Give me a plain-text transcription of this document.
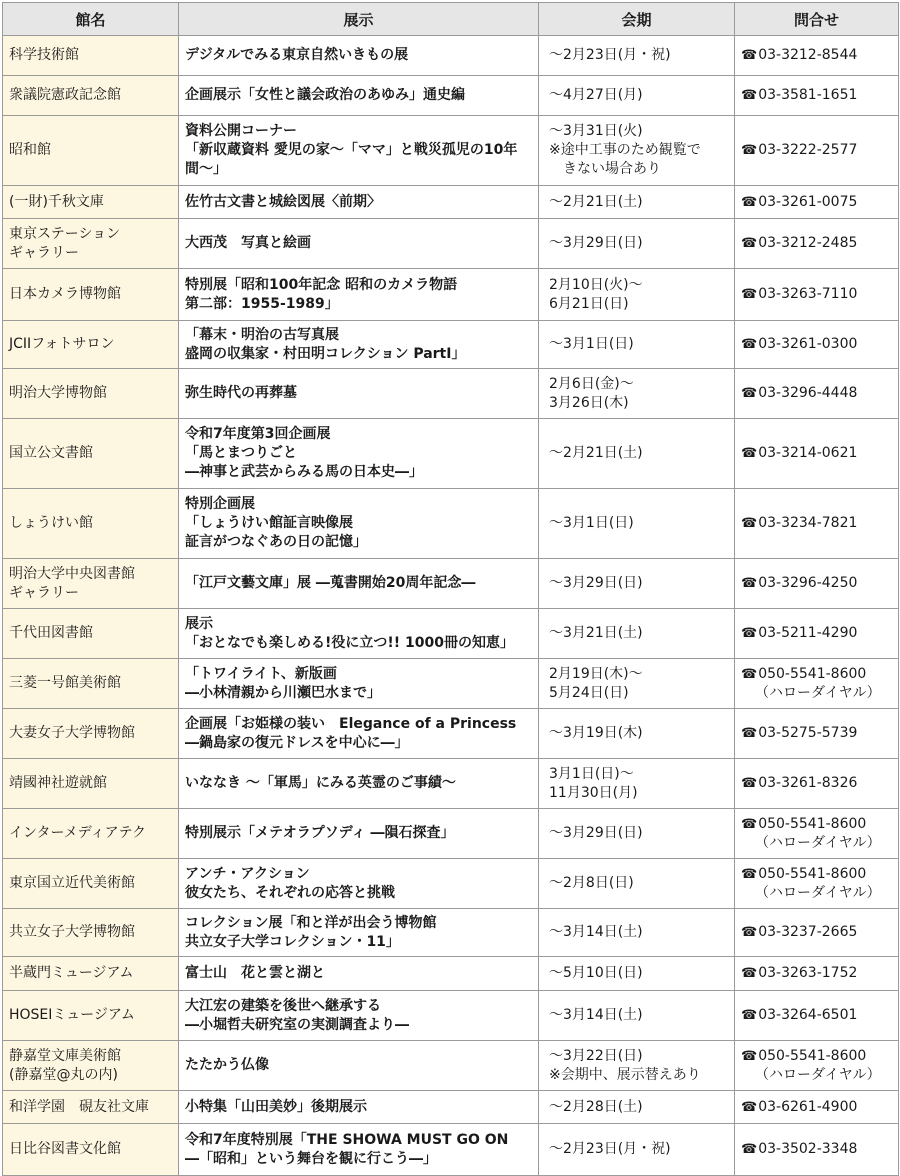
館名	展示	会期	問合せ

科学技術館	デジタルでみる東京自然いきもの展	～2月23日(月・祝)	☎03-3212-8544

衆議院憲政記念館	企画展示「女性と議会政治のあゆみ」通史編	～4月27日(月)	☎03-3581-1651

昭和館	資料公開コーナー
「新収蔵資料 愛児の家～「ママ」と戦災孤児の10年
間～」	～3月31日(火)
※途中工事のため観覧で
きない場合あり	☎03-3222-2577

(一財)千秋文庫	佐竹古文書と城絵図展〈前期〉	～2月21日(土)	☎03-3261-0075

東京ステーション
ギャラリー	大西茂　写真と絵画	～3月29日(日)	☎03-3212-2485

日本カメラ博物館	特別展「昭和100年記念 昭和のカメラ物語
第二部：1955-1989」	2月10日(火)～
6月21日(日)	☎03-3263-7110

JCIIフォトサロン	「幕末・明治の古写真展
盛岡の収集家・村田明コレクション PartI」	～3月1日(日)	☎03-3261-0300

明治大学博物館	弥生時代の再葬墓	2月6日(金)～
3月26日(木)	☎03-3296-4448

国立公文書館	令和7年度第3回企画展
「馬とまつりごと
―神事と武芸からみる馬の日本史―」	～2月21日(土)	☎03-3214-0621

しょうけい館	特別企画展
「しょうけい館証言映像展
証言がつなぐあの日の記憶」	～3月1日(日)	☎03-3234-7821

明治大学中央図書館
ギャラリー	「江戸文藝文庫」展 ―蒐書開始20周年記念―	～3月29日(日)	☎03-3296-4250

千代田図書館	展示
「おとなでも楽しめる!役に立つ!! 1000冊の知恵」	～3月21日(土)	☎03-5211-4290

三菱一号館美術館	「トワイライト、新版画
―小林清親から川瀬巴水まで」	2月19日(木)～
5月24日(日)	☎050-5541-8600
（ハローダイヤル）

大妻女子大学博物館	企画展「お姫様の装い　Elegance of a Princess
―鍋島家の復元ドレスを中心に―」	～3月19日(木)	☎03-5275-5739

靖國神社遊就館	いななき ～「軍馬」にみる英霊のご事績～	3月1日(日)～
11月30日(月)	☎03-3261-8326

インターメディアテク	特別展示「メテオラプソディ ―隕石探査」	～3月29日(日)	☎050-5541-8600
（ハローダイヤル）

東京国立近代美術館	アンチ・アクション
彼女たち、それぞれの応答と挑戦	～2月8日(日)	☎050-5541-8600
（ハローダイヤル）

共立女子大学博物館	コレクション展「和と洋が出会う博物館
共立女子大学コレクション・11」	～3月14日(土)	☎03-3237-2665

半蔵門ミュージアム	富士山　花と雲と湖と	～5月10日(日)	☎03-3263-1752

HOSEIミュージアム	大江宏の建築を後世へ継承する
―小堀哲夫研究室の実測調査より―	～3月14日(土)	☎03-3264-6501

静嘉堂文庫美術館
(静嘉堂@丸の内)	たたかう仏像	～3月22日(日)
※会期中、展示替えあり	☎050-5541-8600
（ハローダイヤル）

和洋学園　硯友社文庫	小特集「山田美妙」後期展示	～2月28日(土)	☎03-6261-4900

日比谷図書文化館	令和7年度特別展「THE SHOWA MUST GO ON
―「昭和」という舞台を観に行こう―」	～2月23日(月・祝)	☎03-3502-3348
